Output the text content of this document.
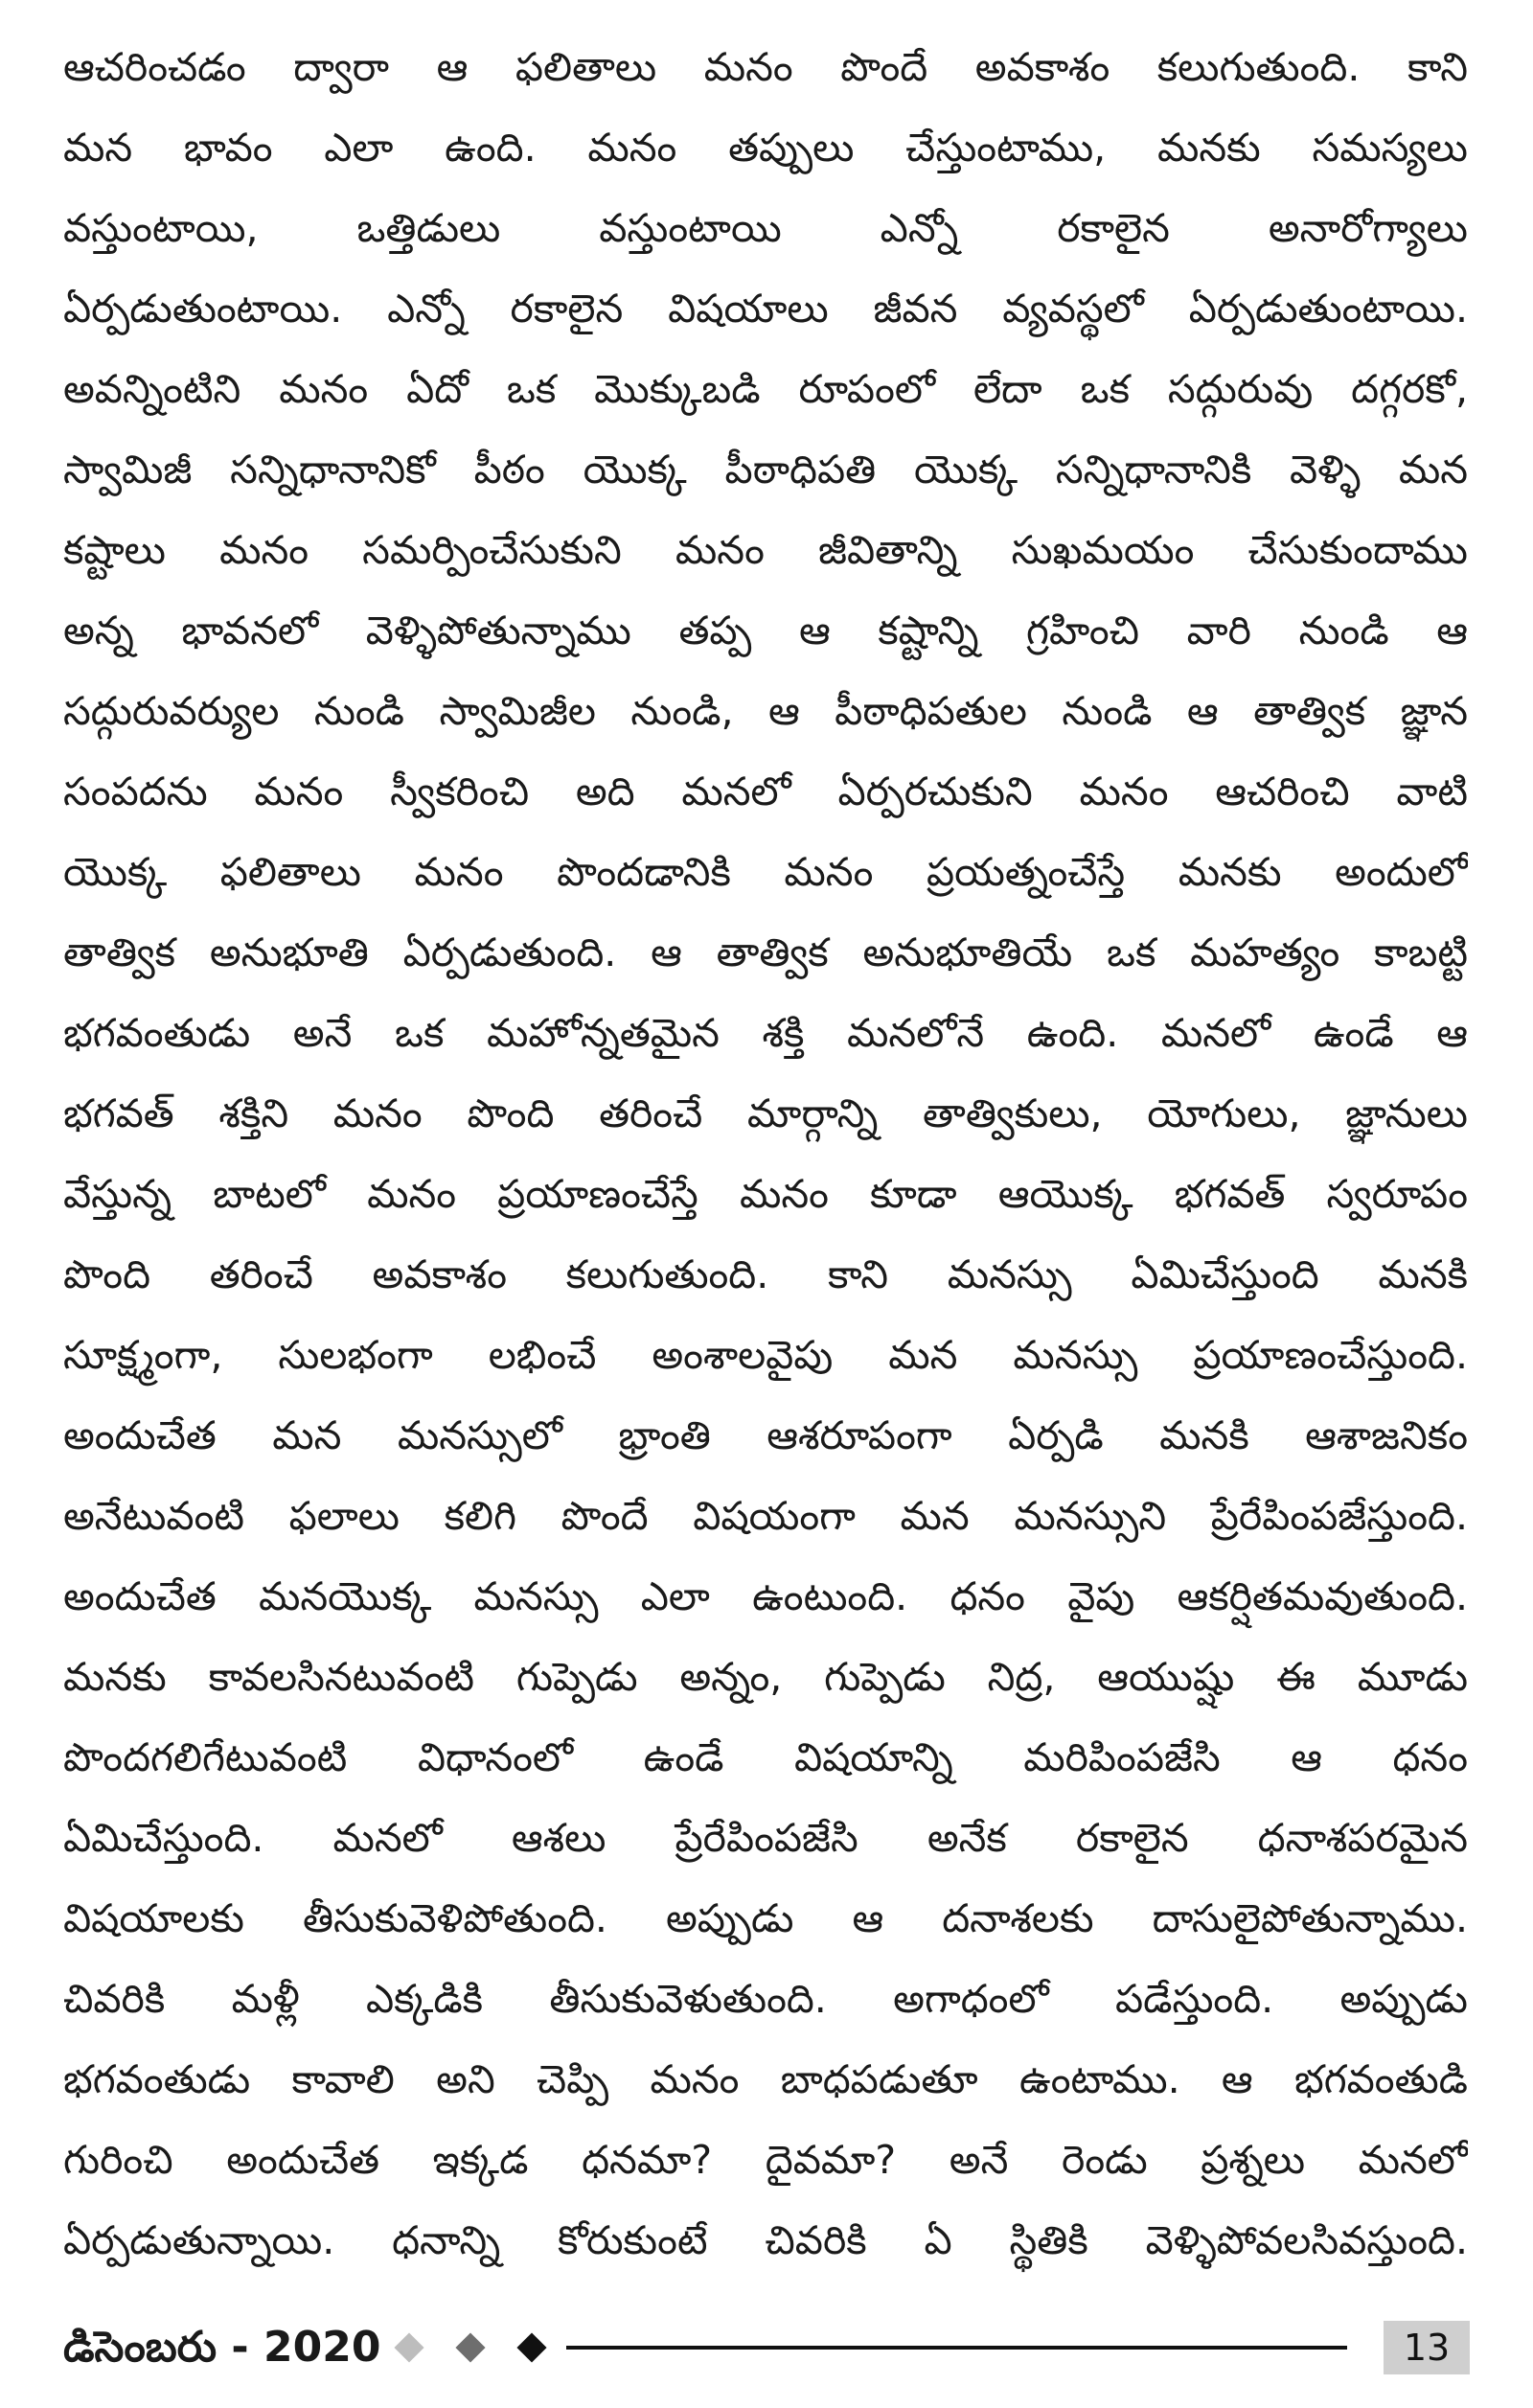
ఆచరించడం ద్వారా ఆ ఫలితాలు మనం పొందే అవకాశం కలుగుతుంది. కాని
మన భావం ఎలా ఉంది. మనం తప్పులు చేస్తుంటాము, మనకు సమస్యలు
వస్తుంటాయి, ఒత్తిడులు వస్తుంటాయి ఎన్నో రకాలైన అనారోగ్యాలు
ఏర్పడుతుంటాయి. ఎన్నో రకాలైన విషయాలు జీవన వ్యవస్థలో ఏర్పడుతుంటాయి.
అవన్నింటిని మనం ఏదో ఒక మొక్కుబడి రూపంలో లేదా ఒక సద్గురువు దగ్గరకో,
స్వామిజీ సన్నిధానానికో పీఠం యొక్క పీఠాధిపతి యొక్క సన్నిధానానికి వెళ్ళి మన
కష్టాలు మనం సమర్పించేసుకుని మనం జీవితాన్ని సుఖమయం చేసుకుందాము
అన్న భావనలో వెళ్ళిపోతున్నాము తప్ప ఆ కష్టాన్ని గ్రహించి వారి నుండి ఆ
సద్గురువర్యుల నుండి స్వామిజీల నుండి, ఆ పీఠాధిపతుల నుండి ఆ తాత్విక జ్ఞాన
సంపదను మనం స్వీకరించి అది మనలో ఏర్పరచుకుని మనం ఆచరించి వాటి
యొక్క ఫలితాలు మనం పొందడానికి మనం ప్రయత్నంచేస్తే మనకు అందులో
తాత్విక అనుభూతి ఏర్పడుతుంది. ఆ తాత్విక అనుభూతియే ఒక మహత్యం కాబట్టి
భగవంతుడు అనే ఒక మహోన్నతమైన శక్తి మనలోనే ఉంది. మనలో ఉండే ఆ
భగవత్ శక్తిని మనం పొంది తరించే మార్గాన్ని తాత్వికులు, యోగులు, జ్ఞానులు
వేస్తున్న బాటలో మనం ప్రయాణంచేస్తే మనం కూడా ఆయొక్క భగవత్ స్వరూపం
పొంది తరించే అవకాశం కలుగుతుంది. కాని మనస్సు ఏమిచేస్తుంది మనకి
సూక్ష్మంగా, సులభంగా లభించే అంశాలవైపు మన మనస్సు ప్రయాణంచేస్తుంది.
అందుచేత మన మనస్సులో భ్రాంతి ఆశరూపంగా ఏర్పడి మనకి ఆశాజనికం
అనేటువంటి ఫలాలు కలిగి పొందే విషయంగా మన మనస్సుని ప్రేరేపింపజేస్తుంది.
అందుచేత మనయొక్క మనస్సు ఎలా ఉంటుంది. ధనం వైపు ఆకర్షితమవుతుంది.
మనకు కావలసినటువంటి గుప్పెడు అన్నం, గుప్పెడు నిద్ర, ఆయుష్షు ఈ మూడు
పొందగలిగేటువంటి విధానంలో ఉండే విషయాన్ని మరిపింపజేసి ఆ ధనం
ఏమిచేస్తుంది. మనలో ఆశలు ప్రేరేపింపజేసి అనేక రకాలైన ధనాశపరమైన
విషయాలకు తీసుకువెళిపోతుంది. అప్పుడు ఆ దనాశలకు దాసులైపోతున్నాము.
చివరికి మళ్లీ ఎక్కడికి తీసుకువెళుతుంది. అగాధంలో పడేస్తుంది. అప్పుడు
భగవంతుడు కావాలి అని చెప్పి మనం బాధపడుతూ ఉంటాము. ఆ భగవంతుడి
గురించి అందుచేత ఇక్కడ ధనమా? దైవమా? అనే రెండు ప్రశ్నలు మనలో
ఏర్పడుతున్నాయి. ధనాన్ని కోరుకుంటే చివరికి ఏ స్థితికి వెళ్ళిపోవలసివస్తుంది.
డిసెంబరు - 2020	13
